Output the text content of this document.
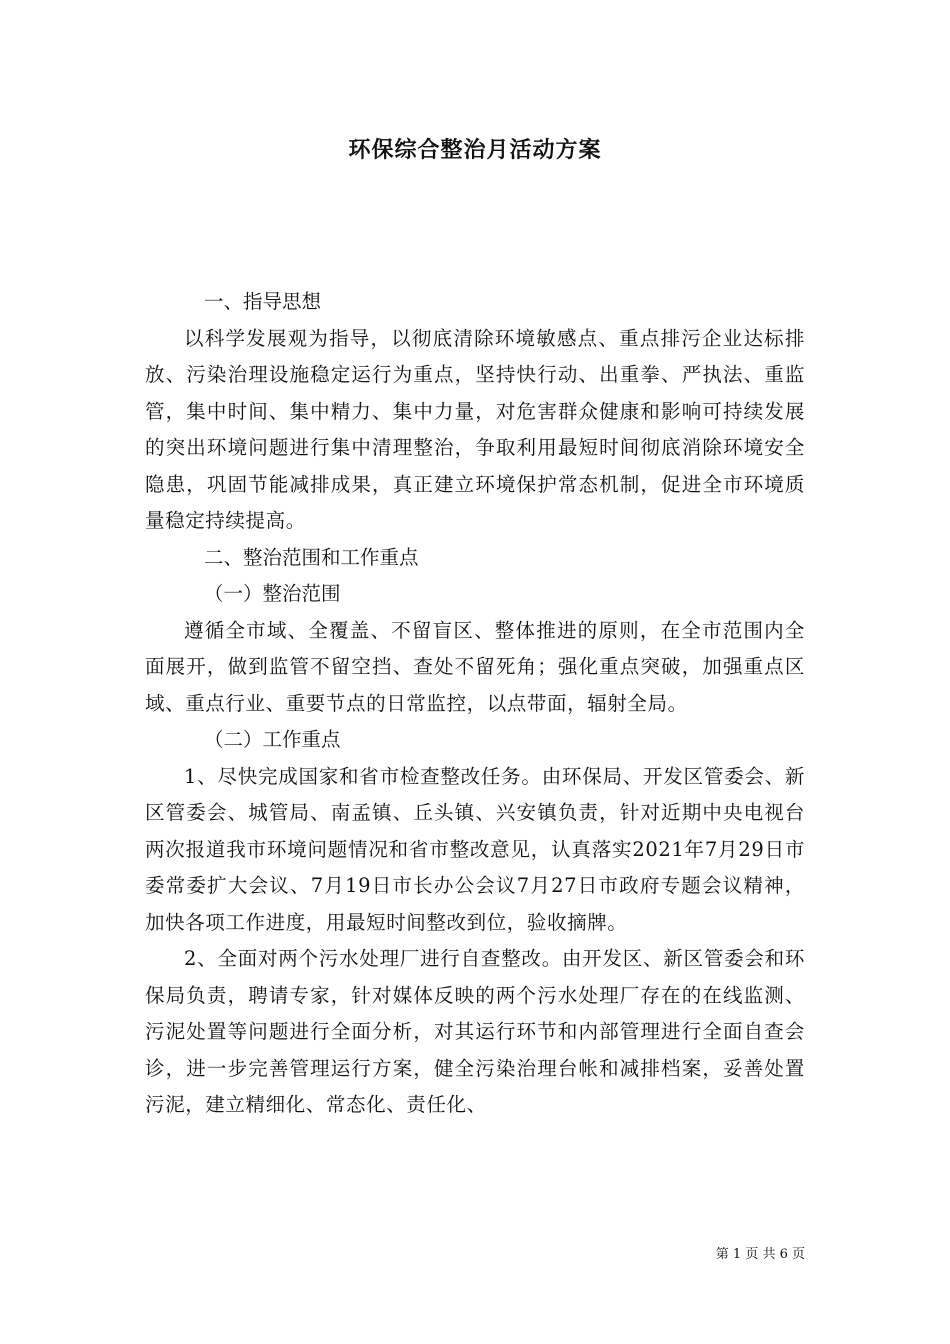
环保综合整治月活动方案

一、指导思想

以科学发展观为指导，以彻底清除环境敏感点、重点排污企业达标排放、污染治理设施稳定运行为重点，坚持快行动、出重拳、严执法、重监管，集中时间、集中精力、集中力量，对危害群众健康和影响可持续发展的突出环境问题进行集中清理整治，争取利用最短时间彻底消除环境安全隐患，巩固节能减排成果，真正建立环境保护常态机制，促进全市环境质量稳定持续提高。

二、整治范围和工作重点

（一）整治范围

遵循全市域、全覆盖、不留盲区、整体推进的原则，在全市范围内全面展开，做到监管不留空挡、查处不留死角；强化重点突破，加强重点区域、重点行业、重要节点的日常监控，以点带面，辐射全局。

（二）工作重点

1、尽快完成国家和省市检查整改任务。由环保局、开发区管委会、新区管委会、城管局、南孟镇、丘头镇、兴安镇负责，针对近期中央电视台两次报道我市环境问题情况和省市整改意见，认真落实2021年7月29日市委常委扩大会议、7月19日市长办公会议7月27日市政府专题会议精神，加快各项工作进度，用最短时间整改到位，验收摘牌。

2、全面对两个污水处理厂进行自查整改。由开发区、新区管委会和环保局负责，聘请专家，针对媒体反映的两个污水处理厂存在的在线监测、污泥处置等问题进行全面分析，对其运行环节和内部管理进行全面自查会诊，进一步完善管理运行方案，健全污染治理台帐和减排档案，妥善处置污泥，建立精细化、常态化、责任化、

第 1 页 共 6 页
